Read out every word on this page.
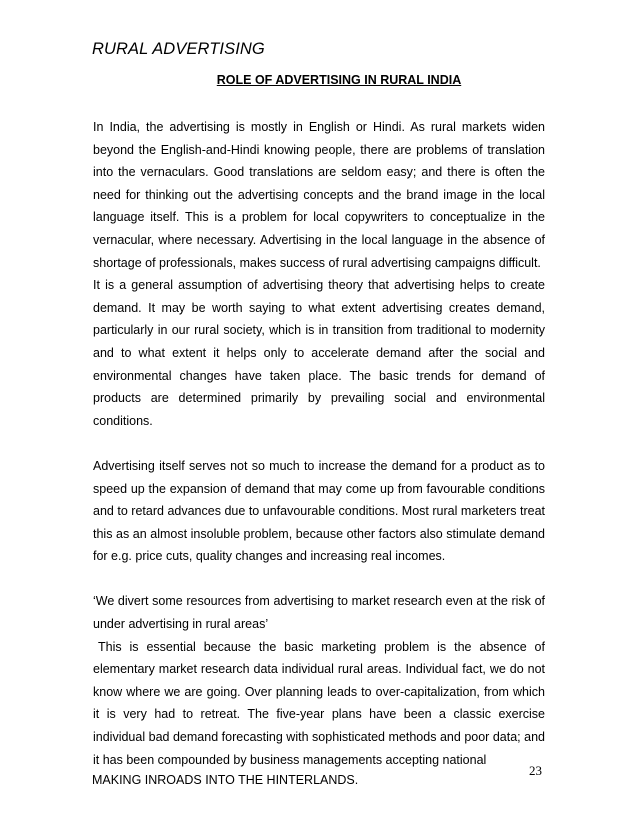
RURAL ADVERTISING
ROLE OF ADVERTISING IN RURAL INDIA

In India, the advertising is mostly in English or Hindi. As rural markets widen beyond the English-and-Hindi knowing people, there are problems of translation into the vernaculars. Good translations are seldom easy; and there is often the need for thinking out the advertising concepts and the brand image in the local language itself. This is a problem for local copywriters to conceptualize in the vernacular, where necessary. Advertising in the local language in the absence of shortage of professionals, makes success of rural advertising campaigns difficult.

It is a general assumption of advertising theory that advertising helps to create demand. It may be worth saying to what extent advertising creates demand, particularly in our rural society, which is in transition from traditional to modernity and to what extent it helps only to accelerate demand after the social and environmental changes have taken place. The basic trends for demand of products are determined primarily by prevailing social and environmental conditions.

Advertising itself serves not so much to increase the demand for a product as to speed up the expansion of demand that may come up from favourable conditions and to retard advances due to unfavourable conditions. Most rural marketers treat this as an almost insoluble problem, because other factors also stimulate demand for e.g. price cuts, quality changes and increasing real incomes.

‘We divert some resources from advertising to market research even at the risk of under advertising in rural areas’

This is essential because the basic marketing problem is the absence of elementary market research data individual rural areas. Individual fact, we do not know where we are going. Over planning leads to over-capitalization, from which it is very had to retreat. The five-year plans have been a classic exercise individual bad demand forecasting with sophisticated methods and poor data; and it has been compounded by business managements accepting national

23
MAKING INROADS INTO THE HINTERLANDS.
